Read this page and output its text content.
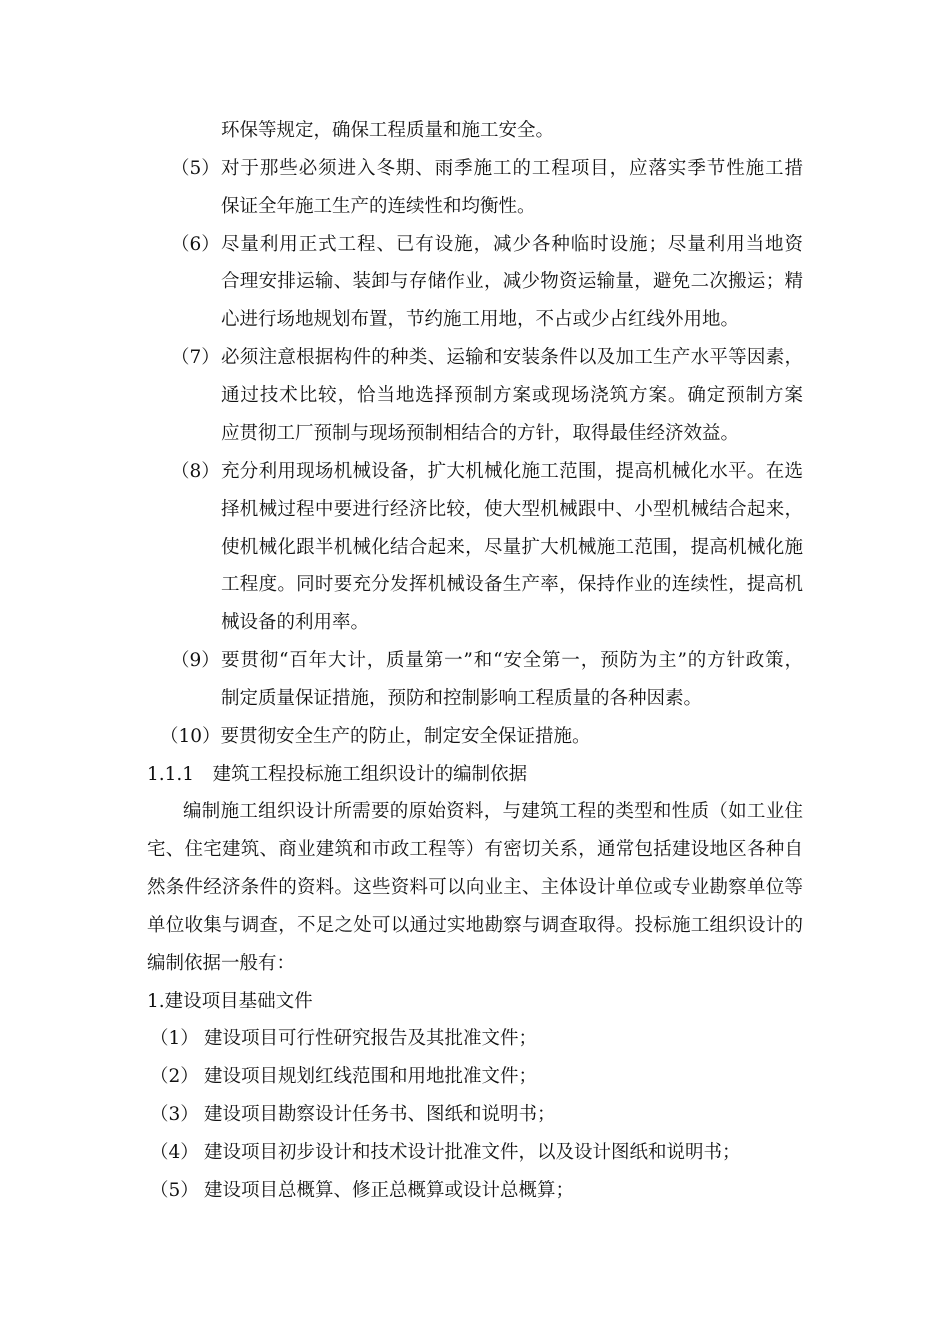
环保等规定，确保工程质量和施工安全。
（5） 对于那些必须进入冬期、雨季施工的工程项目，应落实季节性施工措
保证全年施工生产的连续性和均衡性。
（6） 尽量利用正式工程、已有设施，减少各种临时设施；尽量利用当地资
合理安排运输、装卸与存储作业，减少物资运输量，避免二次搬运；精
心进行场地规划布置，节约施工用地，不占或少占红线外用地。
（7） 必须注意根据构件的种类、运输和安装条件以及加工生产水平等因素，
通过技术比较，恰当地选择预制方案或现场浇筑方案。确定预制方案
应贯彻工厂预制与现场预制相结合的方针，取得最佳经济效益。
（8） 充分利用现场机械设备，扩大机械化施工范围，提高机械化水平。在选
择机械过程中要进行经济比较，使大型机械跟中、小型机械结合起来，
使机械化跟半机械化结合起来，尽量扩大机械施工范围，提高机械化施
工程度。同时要充分发挥机械设备生产率，保持作业的连续性，提高机
械设备的利用率。
（9） 要贯彻“百年大计，质量第一”和“安全第一，预防为主”的方针政策，
制定质量保证措施，预防和控制影响工程质量的各种因素。
（10）要贯彻安全生产的防止，制定安全保证措施。
1.1.1　建筑工程投标施工组织设计的编制依据
编制施工组织设计所需要的原始资料，与建筑工程的类型和性质（如工业住
宅、住宅建筑、商业建筑和市政工程等）有密切关系，通常包括建设地区各种自
然条件经济条件的资料。这些资料可以向业主、主体设计单位或专业勘察单位等
单位收集与调查，不足之处可以通过实地勘察与调查取得。投标施工组织设计的
编制依据一般有：
1.建设项目基础文件
（1） 建设项目可行性研究报告及其批准文件；
（2） 建设项目规划红线范围和用地批准文件；
（3） 建设项目勘察设计任务书、图纸和说明书；
（4） 建设项目初步设计和技术设计批准文件，以及设计图纸和说明书；
（5） 建设项目总概算、修正总概算或设计总概算；
